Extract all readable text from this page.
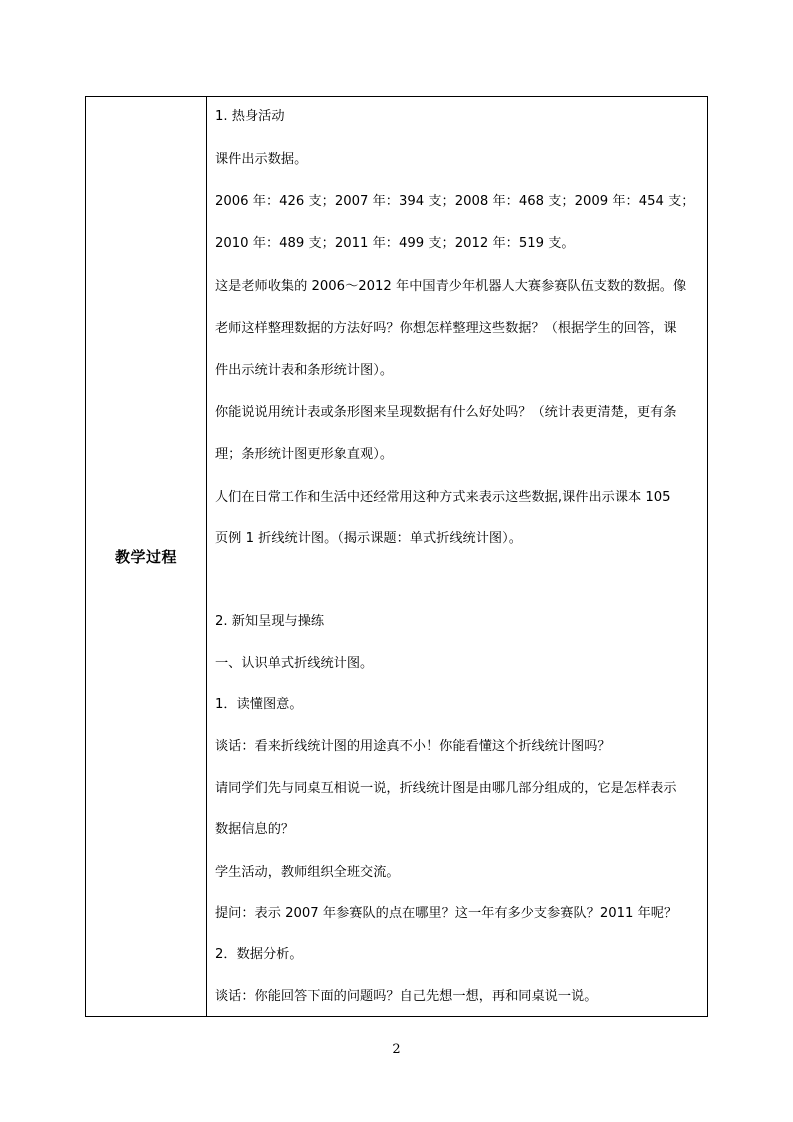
教学过程
1. 热身活动
课件出示数据。
2006 年：426 支；2007 年：394 支；2008 年：468 支；2009 年：454 支；
2010 年：489 支；2011 年：499 支；2012 年：519 支。
这是老师收集的 2006～2012 年中国青少年机器人大赛参赛队伍支数的数据。像
老师这样整理数据的方法好吗？你想怎样整理这些数据？（根据学生的回答，课
件出示统计表和条形统计图）。
你能说说用统计表或条形图来呈现数据有什么好处吗？（统计表更清楚，更有条
理；条形统计图更形象直观）。
人们在日常工作和生活中还经常用这种方式来表示这些数据,课件出示课本 105
页例 1 折线统计图。（揭示课题：单式折线统计图）。
2. 新知呈现与操练
一、认识单式折线统计图。
1．读懂图意。
谈话：看来折线统计图的用途真不小！你能看懂这个折线统计图吗？
请同学们先与同桌互相说一说，折线统计图是由哪几部分组成的，它是怎样表示
数据信息的？
学生活动，教师组织全班交流。
提问：表示 2007 年参赛队的点在哪里？这一年有多少支参赛队？2011 年呢？
2．数据分析。
谈话：你能回答下面的问题吗？自己先想一想，再和同桌说一说。
2
